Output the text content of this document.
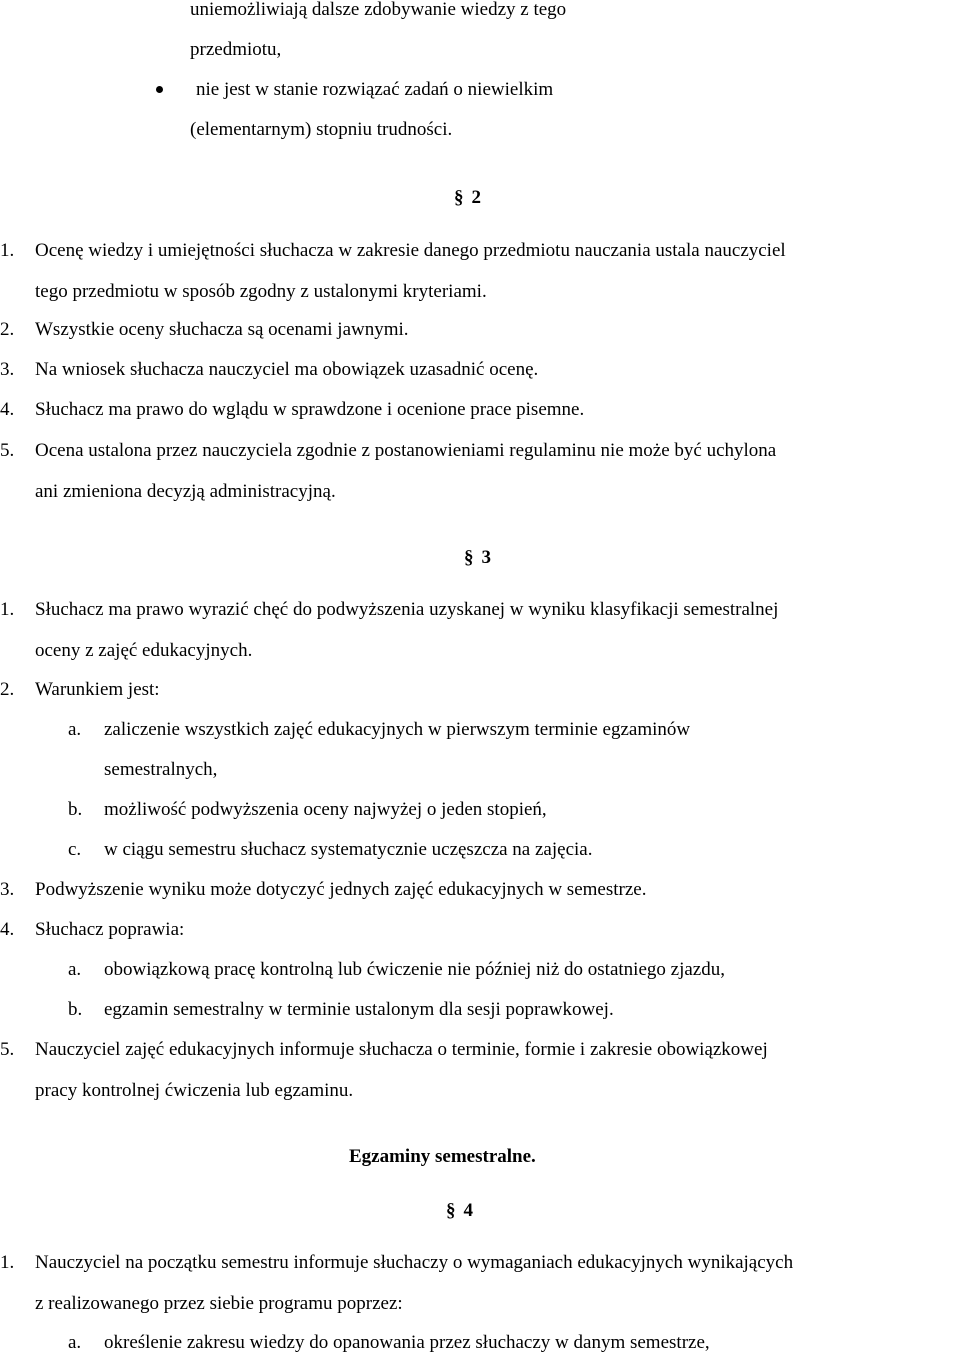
uniemożliwiają dalsze zdobywanie wiedzy z tego
przedmiotu,
nie jest w stanie rozwiązać zadań o niewielkim
(elementarnym) stopniu trudności.
§ 2
1. Ocenę wiedzy i umiejętności słuchacza w zakresie danego przedmiotu nauczania ustala nauczyciel
tego przedmiotu w sposób zgodny z ustalonymi kryteriami.
2. Wszystkie oceny słuchacza są ocenami jawnymi.
3. Na wniosek słuchacza nauczyciel ma obowiązek uzasadnić ocenę.
4. Słuchacz ma prawo do wglądu w sprawdzone i ocenione prace pisemne.
5. Ocena ustalona przez nauczyciela zgodnie z postanowieniami regulaminu nie może być uchylona
ani zmieniona decyzją administracyjną.
§ 3
1. Słuchacz ma prawo wyrazić chęć do podwyższenia uzyskanej w wyniku klasyfikacji semestralnej
oceny z zajęć edukacyjnych.
2. Warunkiem jest:
a. zaliczenie wszystkich zajęć edukacyjnych w pierwszym terminie egzaminów
semestralnych,
b. możliwość podwyższenia oceny najwyżej o jeden stopień,
c. w ciągu semestru słuchacz systematycznie uczęszcza na zajęcia.
3. Podwyższenie wyniku może dotyczyć jednych zajęć edukacyjnych w semestrze.
4. Słuchacz poprawia:
a. obowiązkową pracę kontrolną lub ćwiczenie nie później niż do ostatniego zjazdu,
b. egzamin semestralny w terminie ustalonym dla sesji poprawkowej.
5. Nauczyciel zajęć edukacyjnych informuje słuchacza o terminie, formie i zakresie obowiązkowej
pracy kontrolnej ćwiczenia lub egzaminu.
Egzaminy semestralne.
§ 4
1. Nauczyciel na początku semestru informuje słuchaczy o wymaganiach edukacyjnych wynikających
z realizowanego przez siebie programu poprzez:
a. określenie zakresu wiedzy do opanowania przez słuchaczy w danym semestrze,
